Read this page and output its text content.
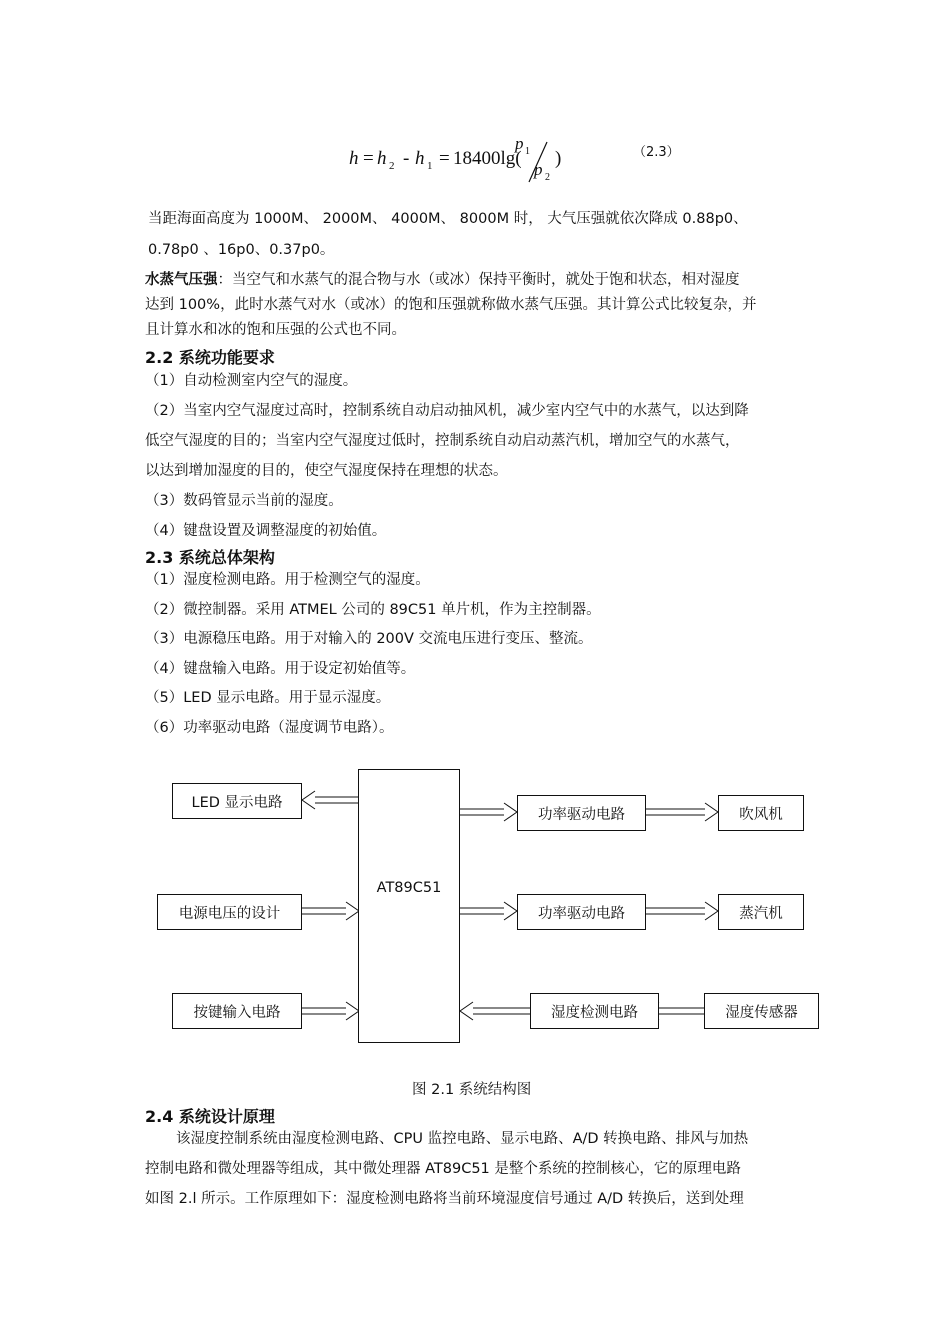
h = h 2 - h 1 = 18400lg(
p 1
p 2
)	（2.3）
当距海面高度为 1000M、 2000M、 4000M、 8000M 时， 大气压强就依次降成 0.88p0、
0.78p0 、16p0、0.37p0。
水蒸气压强：当空气和水蒸气的混合物与水（或冰）保持平衡时，就处于饱和状态，相对湿度
达到 100%，此时水蒸气对水（或冰）的饱和压强就称做水蒸气压强。其计算公式比较复杂，并
且计算水和冰的饱和压强的公式也不同。
2.2 系统功能要求
（1）自动检测室内空气的湿度。
（2）当室内空气湿度过高时，控制系统自动启动抽风机，减少室内空气中的水蒸气，以达到降
低空气湿度的目的；当室内空气湿度过低时，控制系统自动启动蒸汽机，增加空气的水蒸气，
以达到增加湿度的目的，使空气湿度保持在理想的状态。
（3）数码管显示当前的湿度。
（4）键盘设置及调整湿度的初始值。
2.3 系统总体架构
（1）湿度检测电路。用于检测空气的湿度。
（2）微控制器。采用 ATMEL 公司的 89C51 单片机，作为主控制器。
（3）电源稳压电路。用于对输入的 200V 交流电压进行变压、整流。
（4）键盘输入电路。用于设定初始值等。
（5）LED 显示电路。用于显示湿度。
（6）功率驱动电路（湿度调节电路）。
AT89C51
LED 显示电路
电源电压的设计
按键输入电路
功率驱动电路
功率驱动电路
湿度检测电路
吹风机
蒸汽机
湿度传感器
图 2.1 系统结构图
2.4 系统设计原理
该湿度控制系统由湿度检测电路、CPU 监控电路、显示电路、A/D 转换电路、排风与加热
控制电路和微处理器等组成，其中微处理器 AT89C51 是整个系统的控制核心，它的原理电路
如图 2.l 所示。工作原理如下：湿度检测电路将当前环境湿度信号通过 A/D 转换后，送到处理
